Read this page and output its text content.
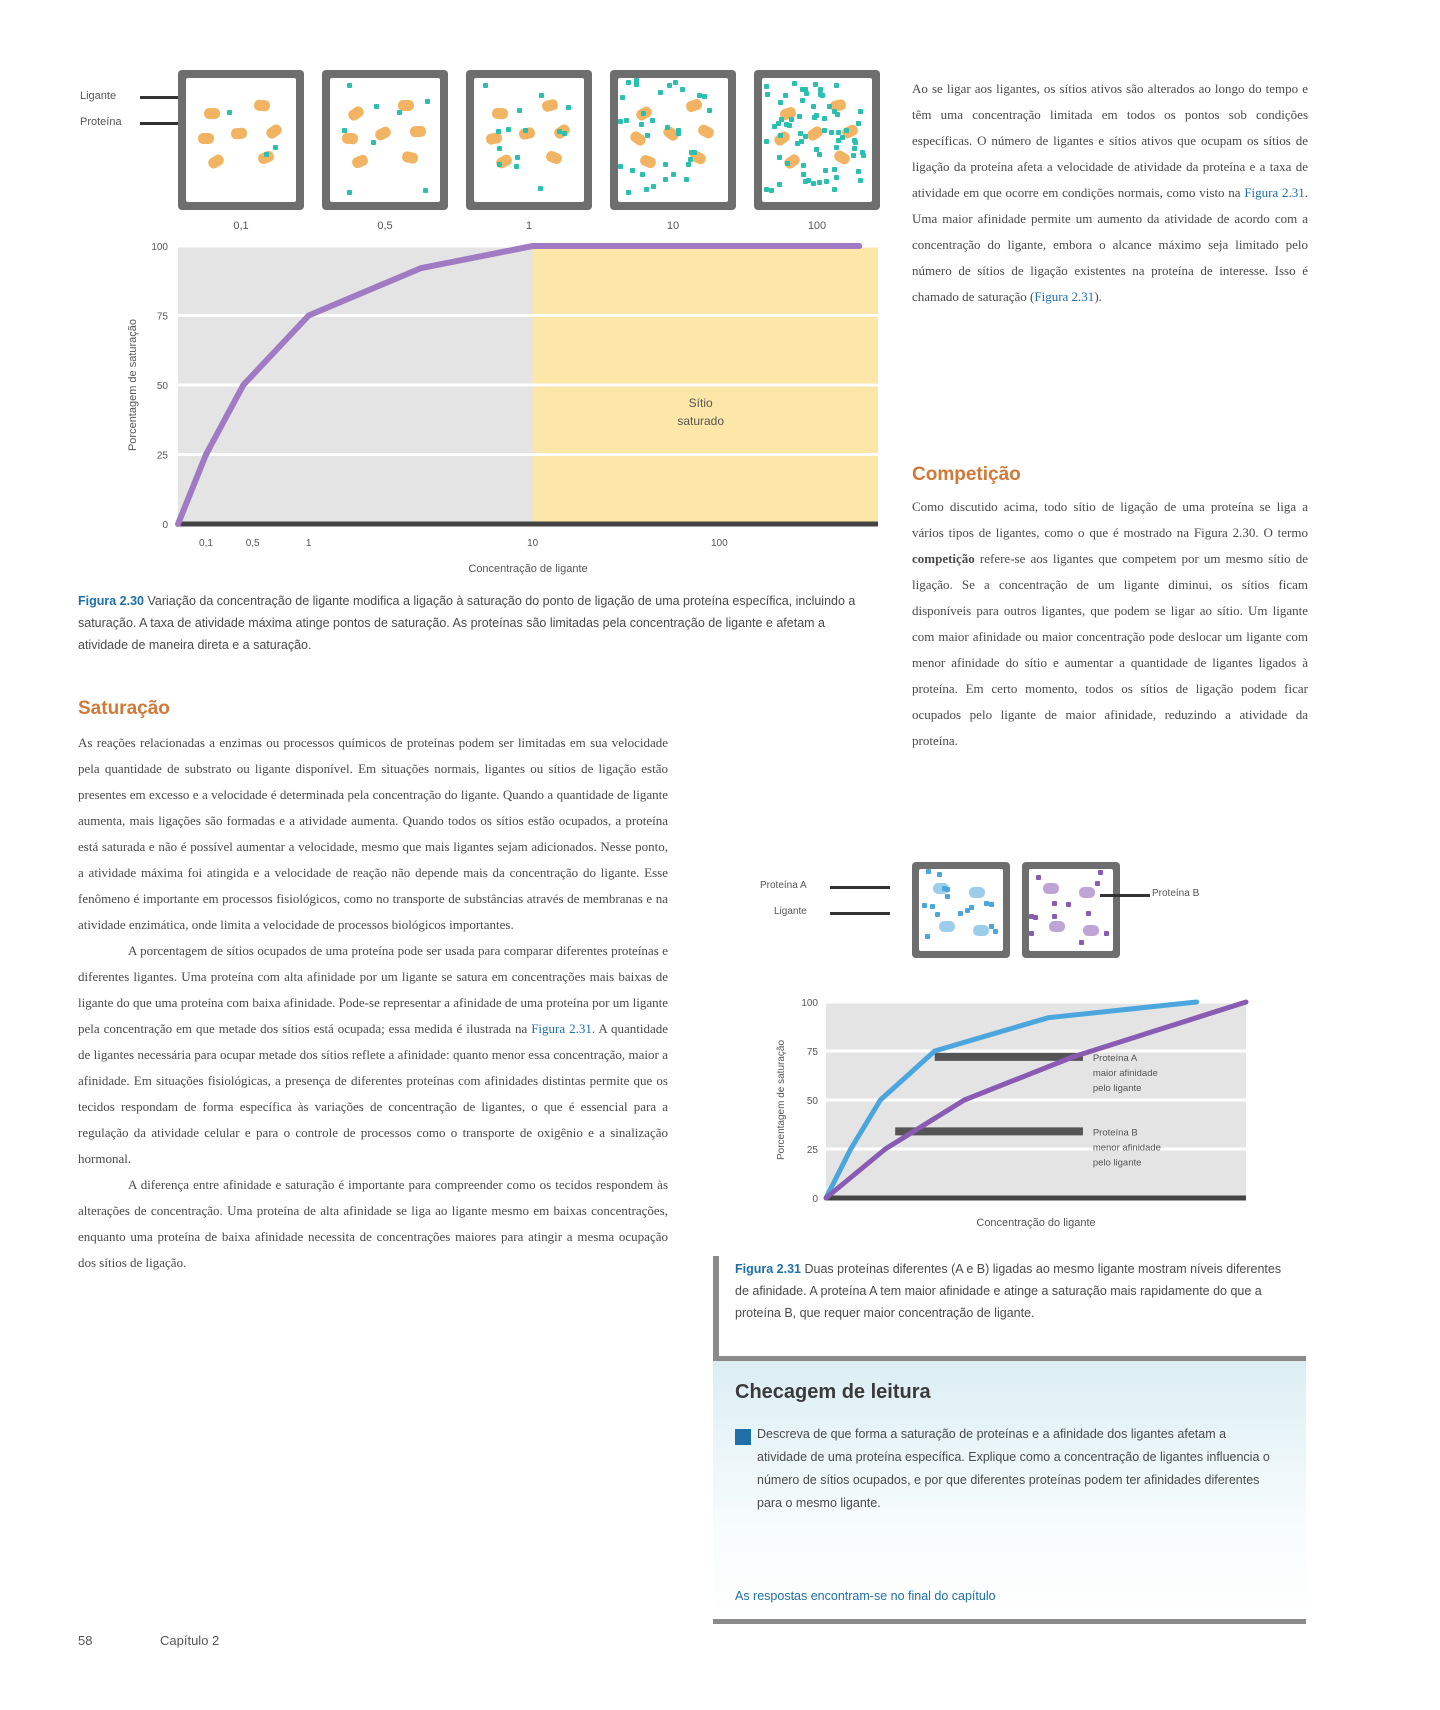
Ligante
Proteína
0,1	0,5	1	10	100
100
75
50
25
0
0,1	0,5	1	10	100
Concentração de ligante
Porcentagem de saturação	Sítio
saturado
Figura 2.30 Variação da concentração de ligante modifica a ligação à saturação do ponto de ligação de uma proteína específica, incluindo a saturação. A taxa de atividade máxima atinge pontos de saturação. As proteínas são limitadas pela concentração de ligante e afetam a atividade de maneira direta e a saturação.
Ao se ligar aos ligantes, os sítios ativos são alterados ao longo do tempo e têm uma concentração limitada em todos os pontos sob condições específicas. O número de ligantes e sítios ativos que ocupam os sítios de ligação da proteína afeta a velocidade de atividade da proteína e a taxa de atividade em que ocorre em condições normais, como visto na Figura 2.31. Uma maior afinidade permite um aumento da atividade de acordo com a concentração do ligante, embora o alcance máximo seja limitado pelo número de sítios de ligação existentes na proteína de interesse. Isso é chamado de saturação (Figura 2.31).
Competição
Como discutido acima, todo sítio de ligação de uma proteína se liga a vários tipos de ligantes, como o que é mostrado na Figura 2.30. O termo competição refere-se aos ligantes que competem por um mesmo sítio de ligação. Se a concentração de um ligante diminui, os sítios ficam disponíveis para outros ligantes, que podem se ligar ao sítio. Um ligante com maior afinidade ou maior concentração pode deslocar um ligante com menor afinidade do sítio e aumentar a quantidade de ligantes ligados à proteína. Em certo momento, todos os sítios de ligação podem ficar ocupados pelo ligante de maior afinidade, reduzindo a atividade da proteína.
Saturação

As reações relacionadas a enzimas ou processos químicos de proteínas podem ser limitadas em sua velocidade pela quantidade de substrato ou ligante disponível. Em situações normais, ligantes ou sítios de ligação estão presentes em excesso e a velocidade é determinada pela concentração do ligante. Quando a quantidade de ligante aumenta, mais ligações são formadas e a atividade aumenta. Quando todos os sítios estão ocupados, a proteína está saturada e não é possível aumentar a velocidade, mesmo que mais ligantes sejam adicionados. Nesse ponto, a atividade máxima foi atingida e a velocidade de reação não depende mais da concentração do ligante. Esse fenômeno é importante em processos fisiológicos, como no transporte de substâncias através de membranas e na atividade enzimática, onde limita a velocidade de processos biológicos importantes.

A porcentagem de sítios ocupados de uma proteína pode ser usada para comparar diferentes proteínas e diferentes ligantes. Uma proteína com alta afinidade por um ligante se satura em concentrações mais baixas de ligante do que uma proteína com baixa afinidade. Pode-se representar a afinidade de uma proteína por um ligante pela concentração em que metade dos sítios está ocupada; essa medida é ilustrada na Figura 2.31. A quantidade de ligantes necessária para ocupar metade dos sítios reflete a afinidade: quanto menor essa concentração, maior a afinidade. Em situações fisiológicas, a presença de diferentes proteínas com afinidades distintas permite que os tecidos respondam de forma específica às variações de concentração de ligantes, o que é essencial para a regulação da atividade celular e para o controle de processos como o transporte de oxigênio e a sinalização hormonal.

A diferença entre afinidade e saturação é importante para compreender como os tecidos respondem às alterações de concentração. Uma proteína de alta afinidade se liga ao ligante mesmo em baixas concentrações, enquanto uma proteína de baixa afinidade necessita de concentrações maiores para atingir a mesma ocupação dos sítios de ligação.

Proteína A
Ligante
Proteína B
100
75
50
25
0
Concentração do ligante
Porcentagem de saturação	Proteína A
maior afinidade
pelo ligante
Proteína B
menor afinidade
pelo ligante
Figura 2.31 Duas proteínas diferentes (A e B) ligadas ao mesmo ligante mostram níveis diferentes de afinidade. A proteína A tem maior afinidade e atinge a saturação mais rapidamente do que a proteína B, que requer maior concentração de ligante.
Checagem de leitura
Descreva de que forma a saturação de proteínas e a afinidade dos ligantes afetam a atividade de uma proteína específica. Explique como a concentração de ligantes influencia o número de sítios ocupados, e por que diferentes proteínas podem ter afinidades diferentes para o mesmo ligante.
As respostas encontram-se no final do capítulo
58	Capítulo 2
